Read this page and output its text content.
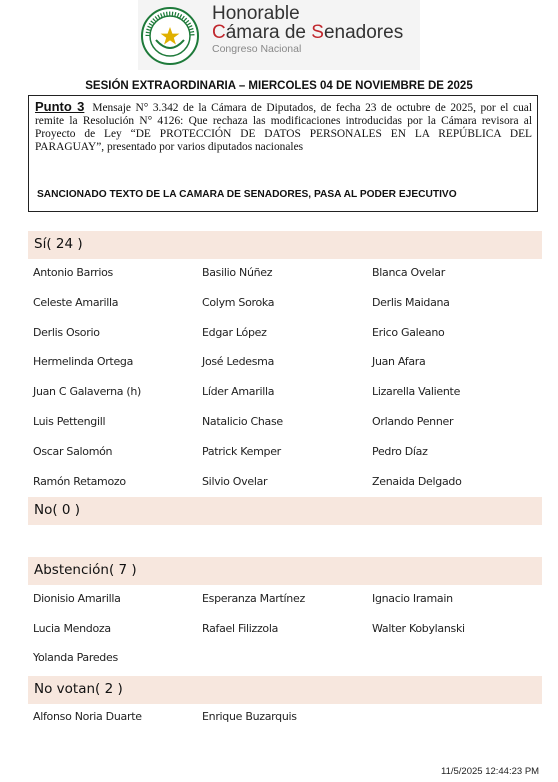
Honorable
Cámara de Senadores
Congreso Nacional
SESIÓN EXTRAORDINARIA – MIERCOLES 04 DE NOVIEMBRE DE 2025
Punto 3 Mensaje N° 3.342 de la Cámara de Diputados, de fecha 23 de octubre de 2025, por el cual remite la Resolución N° 4126: Que rechaza las modificaciones introducidas por la Cámara revisora al Proyecto de Ley “DE PROTECCIÓN DE DATOS PERSONALES EN LA REPÚBLICA DEL PARAGUAY”, presentado por varios diputados nacionales
SANCIONADO TEXTO DE LA CAMARA DE SENADORES, PASA AL PODER EJECUTIVO
Sí( 24 )
Antonio Barrios	Basilio Núñez	Blanca Ovelar
Celeste Amarilla	Colym Soroka	Derlis Maidana
Derlis Osorio	Edgar López	Erico Galeano
Hermelinda Ortega	José Ledesma	Juan Afara
Juan C Galaverna (h)	Líder Amarilla	Lizarella Valiente
Luis Pettengill	Natalicio Chase	Orlando Penner
Oscar Salomón	Patrick Kemper	Pedro Díaz
Ramón Retamozo	Silvio Ovelar	Zenaida Delgado
No( 0 )
Abstención( 7 )
Dionisio Amarilla	Esperanza Martínez	Ignacio Iramain
Lucia Mendoza	Rafael Filizzola	Walter Kobylanski
Yolanda Paredes
No votan( 2 )
Alfonso Noria Duarte	Enrique Buzarquis
11/5/2025 12:44:23 PM
